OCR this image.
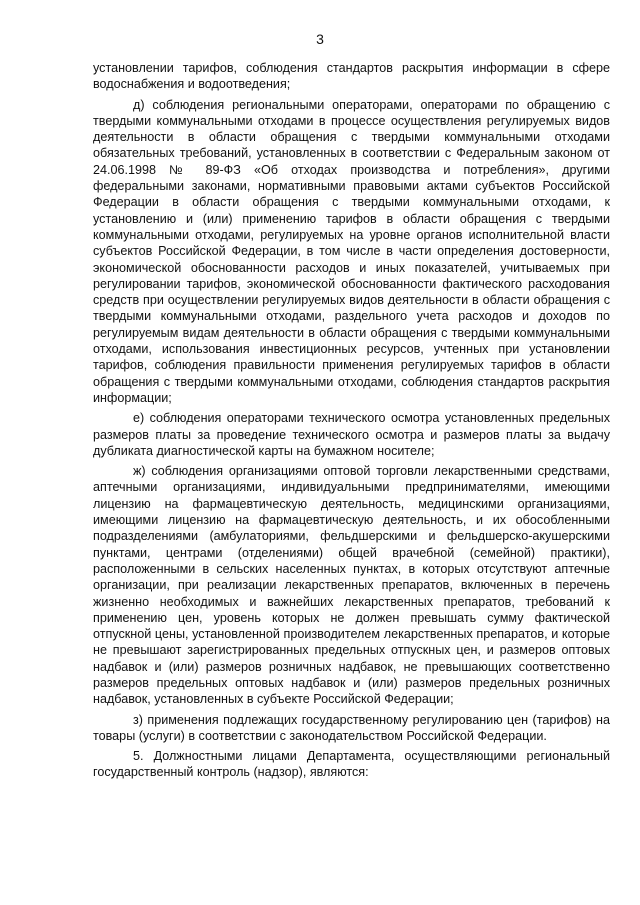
3

установлении тарифов, соблюдения стандартов раскрытия информации в сфере водоснабжения и водоотведения;

д) соблюдения региональными операторами, операторами по обращению с твердыми коммунальными отходами в процессе осуществления регулируемых видов деятельности в области обращения с твердыми коммунальными отходами обязательных требований, установленных в соответствии с Федеральным законом от 24.06.1998 № 89-ФЗ «Об отходах производства и потребления», другими федеральными законами, нормативными правовыми актами субъектов Российской Федерации в области обращения с твердыми коммунальными отходами, к установлению и (или) применению тарифов в области обращения с твердыми коммунальными отходами, регулируемых на уровне органов исполнительной власти субъектов Российской Федерации, в том числе в части определения достоверности, экономической обоснованности расходов и иных показателей, учитываемых при регулировании тарифов, экономической обоснованности фактического расходования средств при осуществлении регулируемых видов деятельности в области обращения с твердыми коммунальными отходами, раздельного учета расходов и доходов по регулируемым видам деятельности в области обращения с твердыми коммунальными отходами, использования инвестиционных ресурсов, учтенных при установлении тарифов, соблюдения правильности применения регулируемых тарифов в области обращения с твердыми коммунальными отходами, соблюдения стандартов раскрытия информации;

е) соблюдения операторами технического осмотра установленных предельных размеров платы за проведение технического осмотра и размеров платы за выдачу дубликата диагностической карты на бумажном носителе;

ж) соблюдения организациями оптовой торговли лекарственными средствами, аптечными организациями, индивидуальными предпринимателями, имеющими лицензию на фармацевтическую деятельность, медицинскими организациями, имеющими лицензию на фармацевтическую деятельность, и их обособленными подразделениями (амбулаториями, фельдшерскими и фельдшерско-акушерскими пунктами, центрами (отделениями) общей врачебной (семейной) практики), расположенными в сельских населенных пунктах, в которых отсутствуют аптечные организации, при реализации лекарственных препаратов, включенных в перечень жизненно необходимых и важнейших лекарственных препаратов, требований к применению цен, уровень которых не должен превышать сумму фактической отпускной цены, установленной производителем лекарственных препаратов, и которые не превышают зарегистрированных предельных отпускных цен, и размеров оптовых надбавок и (или) размеров розничных надбавок, не превышающих соответственно размеров предельных оптовых надбавок и (или) размеров предельных розничных надбавок, установленных в субъекте Российской Федерации;

з) применения подлежащих государственному регулированию цен (тарифов) на товары (услуги) в соответствии с законодательством Российской Федерации.

5. Должностными лицами Департамента, осуществляющими региональный государственный контроль (надзор), являются:
